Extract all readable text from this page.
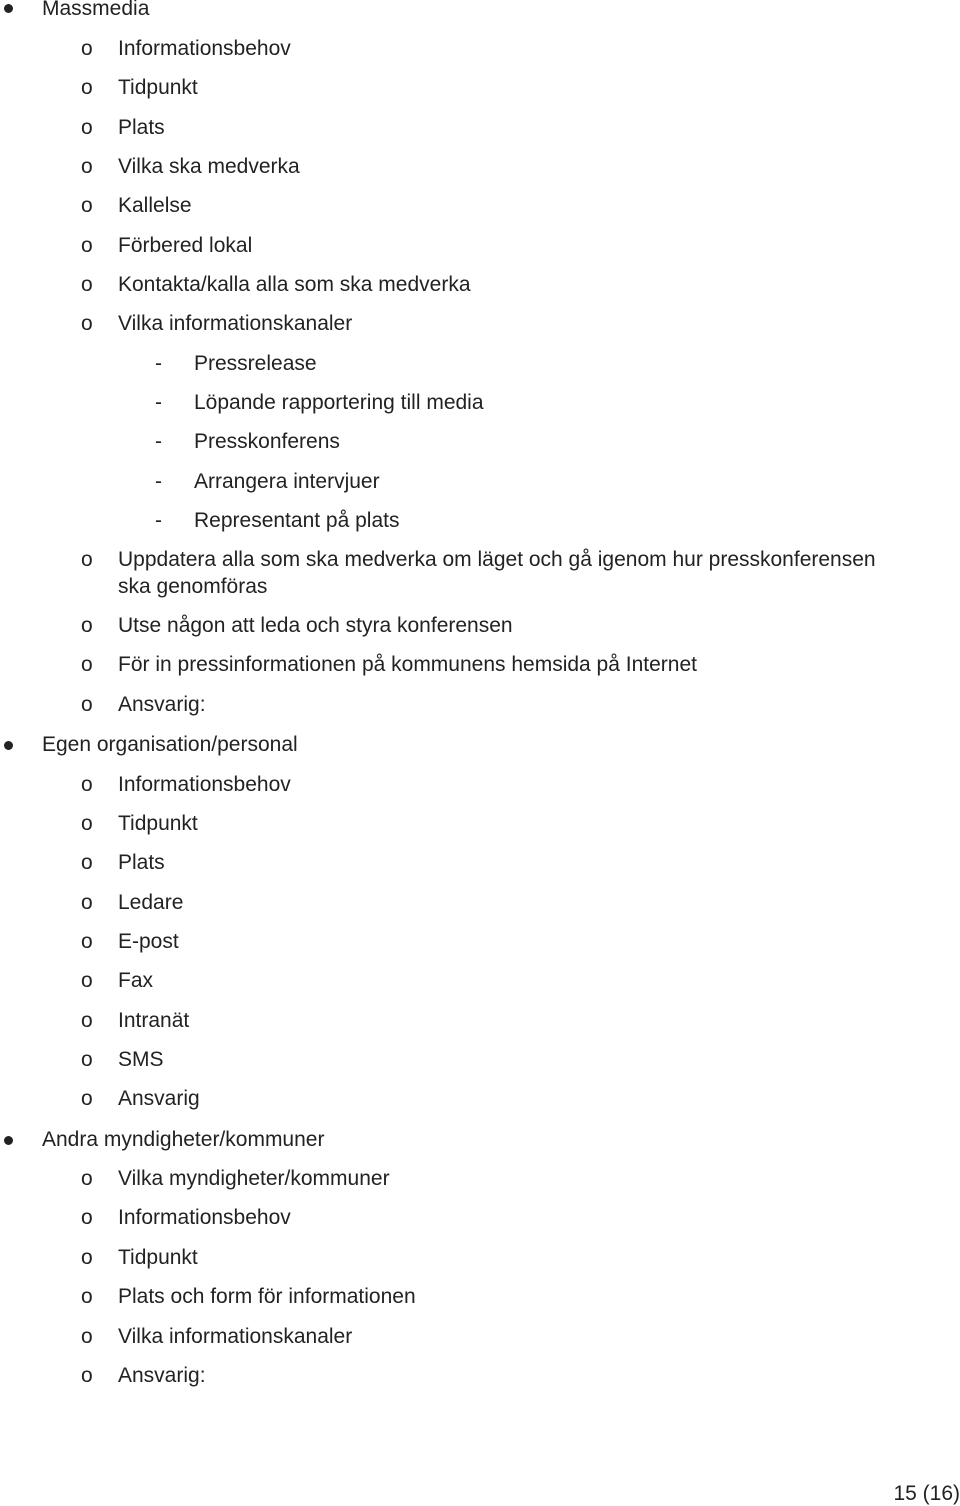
Massmedia
o Informationsbehov
o Tidpunkt
o Plats
o Vilka ska medverka
o Kallelse
o Förbered lokal
o Kontakta/kalla alla som ska medverka
o Vilka informationskanaler
- Pressrelease
- Löpande rapportering till media
- Presskonferens
- Arrangera intervjuer
- Representant på plats
o Uppdatera alla som ska medverka om läget och gå igenom hur presskonferensen
ska genomföras
o Utse någon att leda och styra konferensen
o För in pressinformationen på kommunens hemsida på Internet
o Ansvarig:
Egen organisation/personal
o Informationsbehov
o Tidpunkt
o Plats
o Ledare
o E-post
o Fax
o Intranät
o SMS
o Ansvarig
Andra myndigheter/kommuner
o Vilka myndigheter/kommuner
o Informationsbehov
o Tidpunkt
o Plats och form för informationen
o Vilka informationskanaler
o Ansvarig:
15 (16)
